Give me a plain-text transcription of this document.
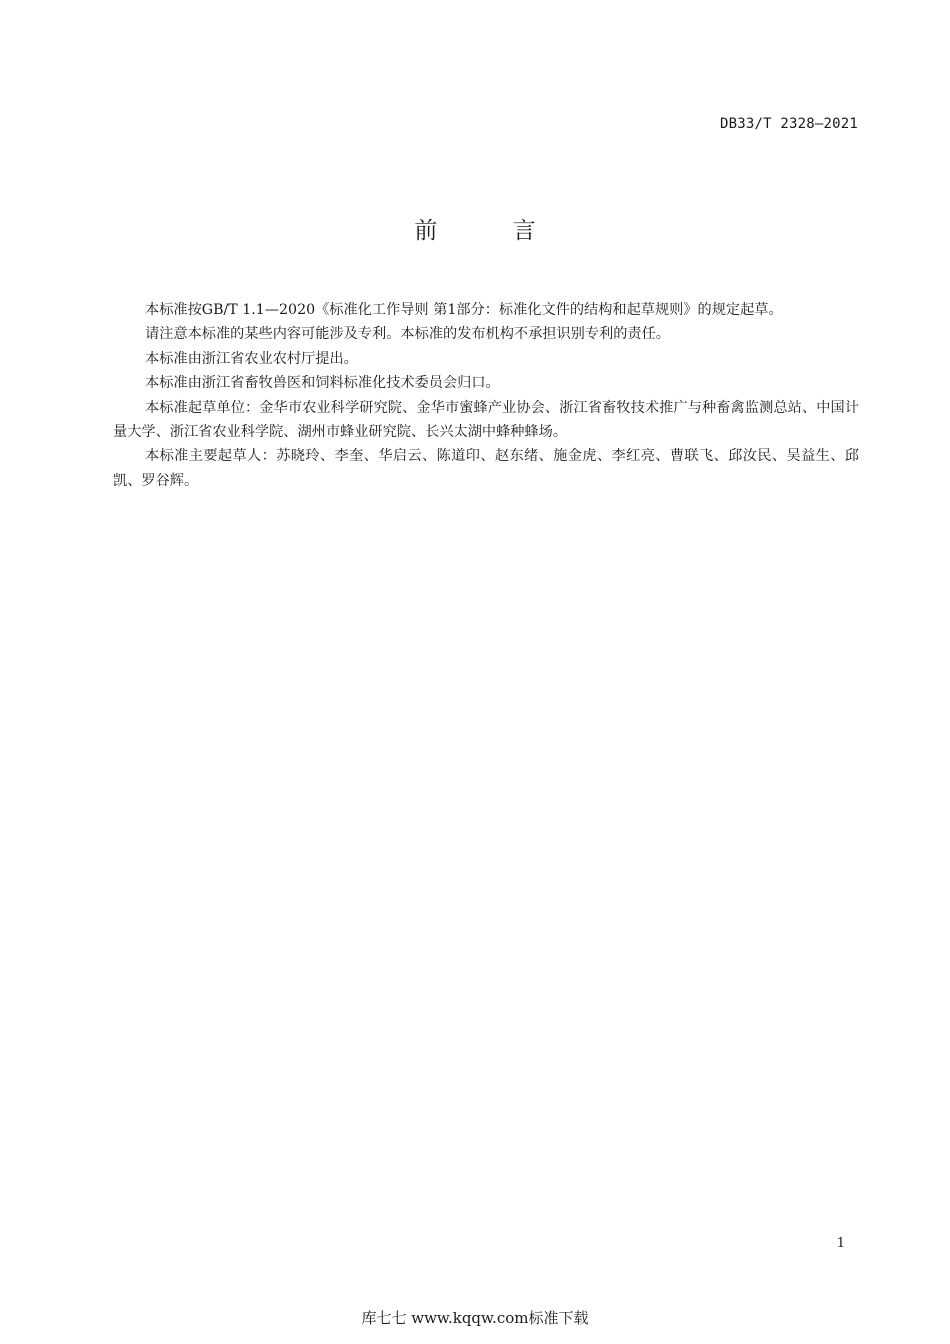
DB33/T 2328—2021
前 言

本标准按GB/T 1.1—2020《标准化工作导则 第1部分：标准化文件的结构和起草规则》的规定起草。

请注意本标准的某些内容可能涉及专利。本标准的发布机构不承担识别专利的责任。

本标准由浙江省农业农村厅提出。

本标准由浙江省畜牧兽医和饲料标准化技术委员会归口。

本标准起草单位：金华市农业科学研究院、金华市蜜蜂产业协会、浙江省畜牧技术推广与种畜禽监测总站、中国计量大学、浙江省农业科学院、湖州市蜂业研究院、长兴太湖中蜂种蜂场。

本标准主要起草人：苏晓玲、李奎、华启云、陈道印、赵东绪、施金虎、李红亮、曹联飞、邱汝民、吴益生、邱凯、罗谷辉。

1
库七七 www.kqqw.com标准下载
